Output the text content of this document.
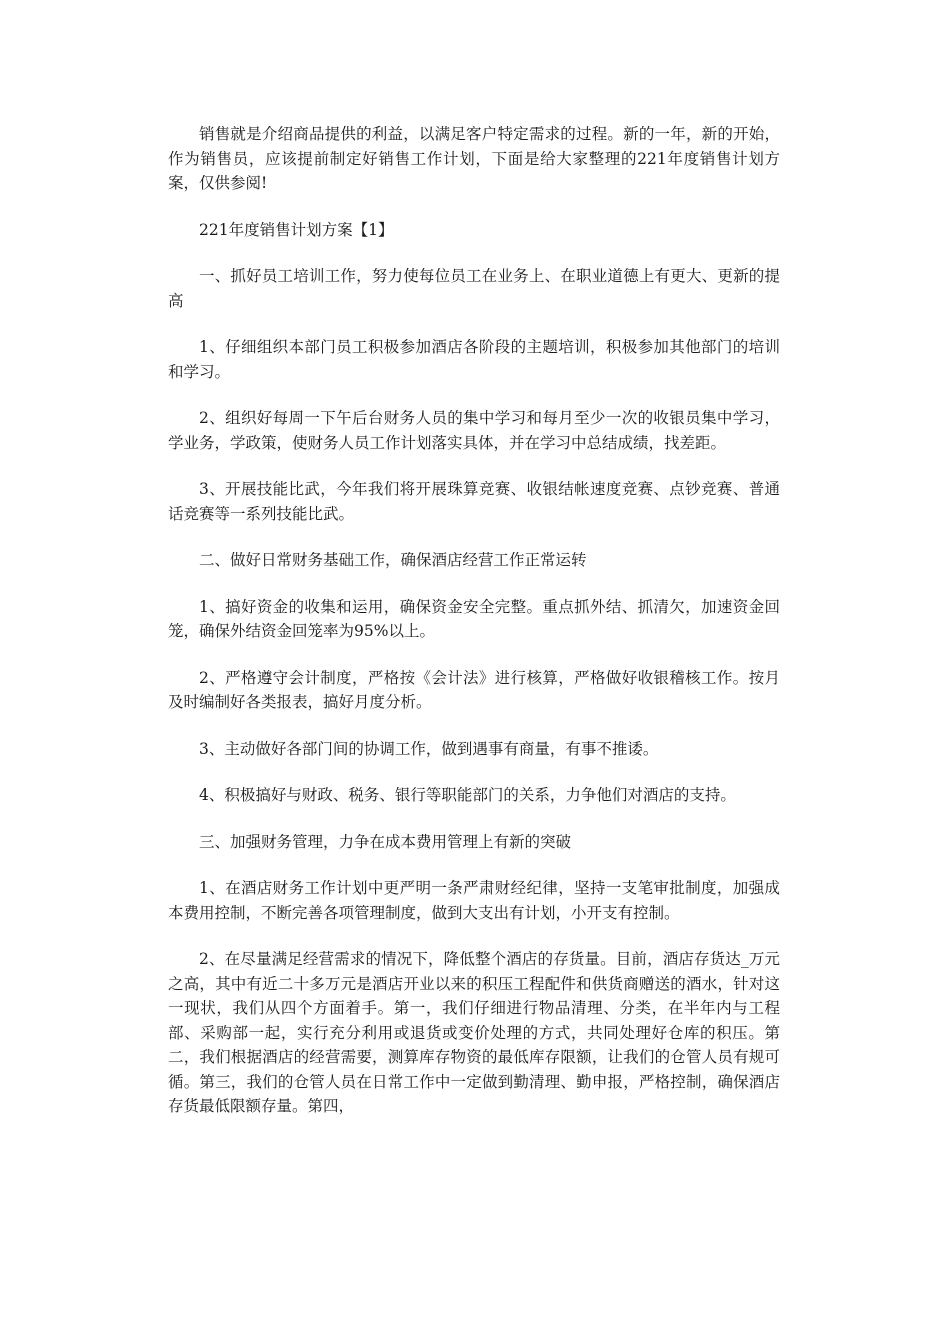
销售就是介绍商品提供的利益，以满足客户特定需求的过程。新的一年，新的开始，作为销售员，应该提前制定好销售工作计划，下面是给大家整理的221年度销售计划方案，仅供参阅!

221年度销售计划方案【1】

一、抓好员工培训工作，努力使每位员工在业务上、在职业道德上有更大、更新的提高

1、仔细组织本部门员工积极参加酒店各阶段的主题培训，积极参加其他部门的培训和学习。

2、组织好每周一下午后台财务人员的集中学习和每月至少一次的收银员集中学习，学业务，学政策，使财务人员工作计划落实具体，并在学习中总结成绩，找差距。

3、开展技能比武，今年我们将开展珠算竞赛、收银结帐速度竞赛、点钞竞赛、普通话竞赛等一系列技能比武。

二、做好日常财务基础工作，确保酒店经营工作正常运转

1、搞好资金的收集和运用，确保资金安全完整。重点抓外结、抓清欠，加速资金回笼，确保外结资金回笼率为95%以上。

2、严格遵守会计制度，严格按《会计法》进行核算，严格做好收银稽核工作。按月及时编制好各类报表，搞好月度分析。

3、主动做好各部门间的协调工作，做到遇事有商量，有事不推诿。

4、积极搞好与财政、税务、银行等职能部门的关系，力争他们对酒店的支持。

三、加强财务管理，力争在成本费用管理上有新的突破

1、在酒店财务工作计划中更严明一条严肃财经纪律，坚持一支笔审批制度，加强成本费用控制，不断完善各项管理制度，做到大支出有计划，小开支有控制。

2、在尽量满足经营需求的情况下，降低整个酒店的存货量。目前，酒店存货达_万元之高，其中有近二十多万元是酒店开业以来的积压工程配件和供货商赠送的酒水，针对这一现状，我们从四个方面着手。第一，我们仔细进行物品清理、分类，在半年内与工程部、采购部一起，实行充分利用或退货或变价处理的方式，共同处理好仓库的积压。第二，我们根据酒店的经营需要，测算库存物资的最低库存限额，让我们的仓管人员有规可循。第三，我们的仓管人员在日常工作中一定做到勤清理、勤申报，严格控制，确保酒店存货最低限额存量。第四，
